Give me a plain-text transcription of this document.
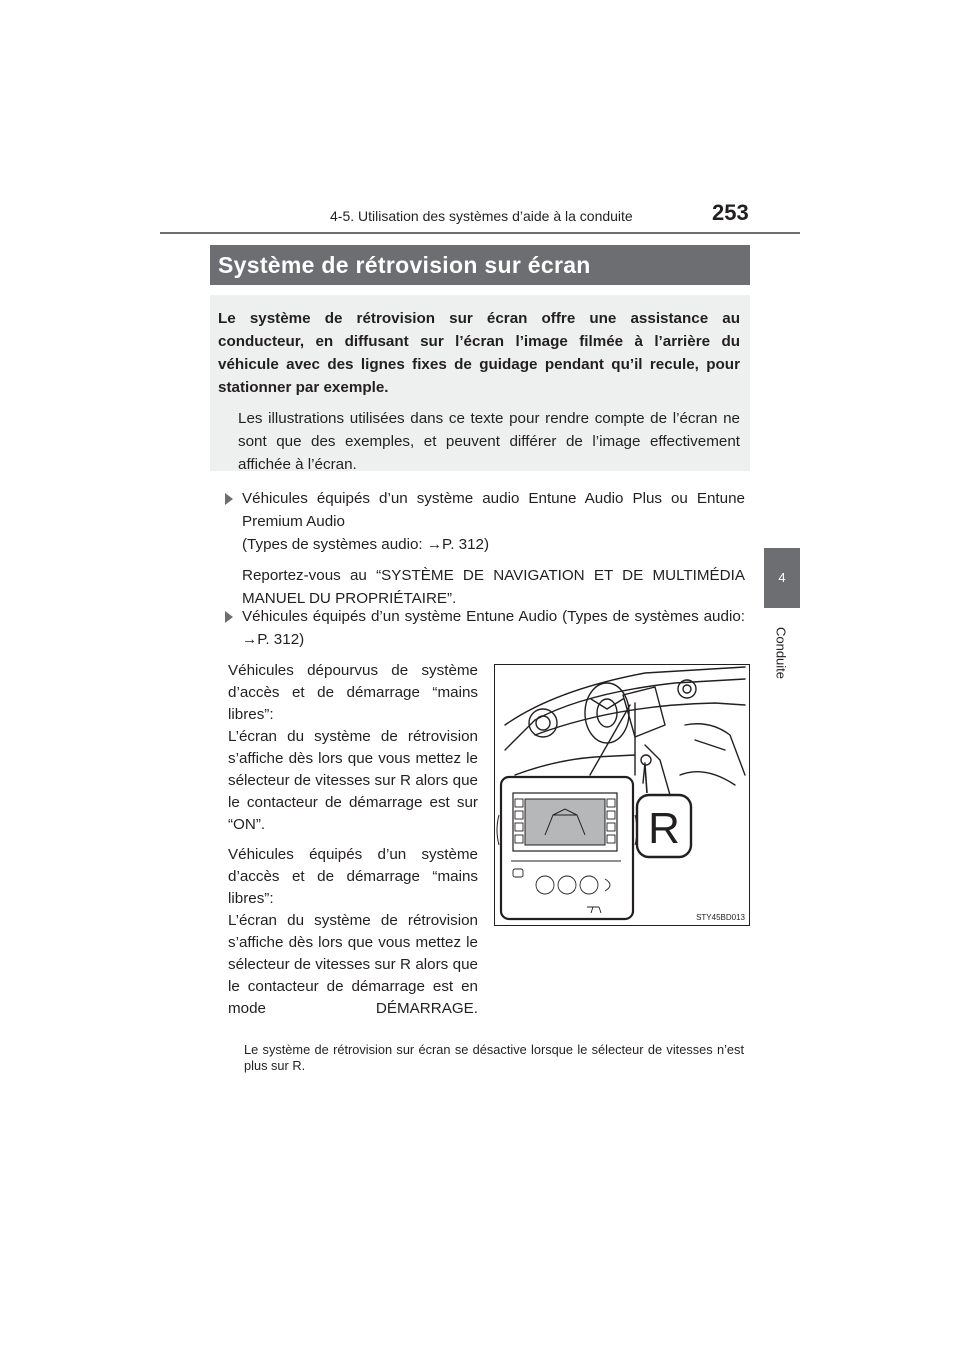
4-5. Utilisation des systèmes d’aide à la conduite	253
4
Conduite
Système de rétrovision sur écran

Le système de rétrovision sur écran offre une assistance au conducteur, en diffusant sur l’écran l’image filmée à l’arrière du véhicule avec des lignes fixes de guidage pendant qu’il recule, pour stationner par exemple.

Les illustrations utilisées dans ce texte pour rendre compte de l’écran ne sont que des exemples, et peuvent différer de l’image effectivement affichée à l’écran.

Véhicules équipés d’un système audio Entune Audio Plus ou Entune Premium Audio

(Types de systèmes audio: →P. 312)

Reportez-vous au “SYSTÈME DE NAVIGATION ET DE MULTIMÉDIA MANUEL DU PROPRIÉTAIRE”.

Véhicules équipés d’un système Entune Audio (Types de systèmes audio: →P. 312)

Véhicules dépourvus de système d’accès et de démarrage “mains libres”:
L’écran du système de rétrovision s’affiche dès lors que vous mettez le sélecteur de vitesses sur R alors que le contacteur de démarrage est sur “ON”.

Véhicules équipés d’un système d’accès et de démarrage “mains libres”:
L’écran du système de rétrovision s’affiche dès lors que vous mettez le sélecteur de vitesses sur R alors que le contacteur de démarrage est en mode DÉMARRAGE.

R
STY45BD013
Le système de rétrovision sur écran se désactive lorsque le sélecteur de vitesses n’est plus sur R.
